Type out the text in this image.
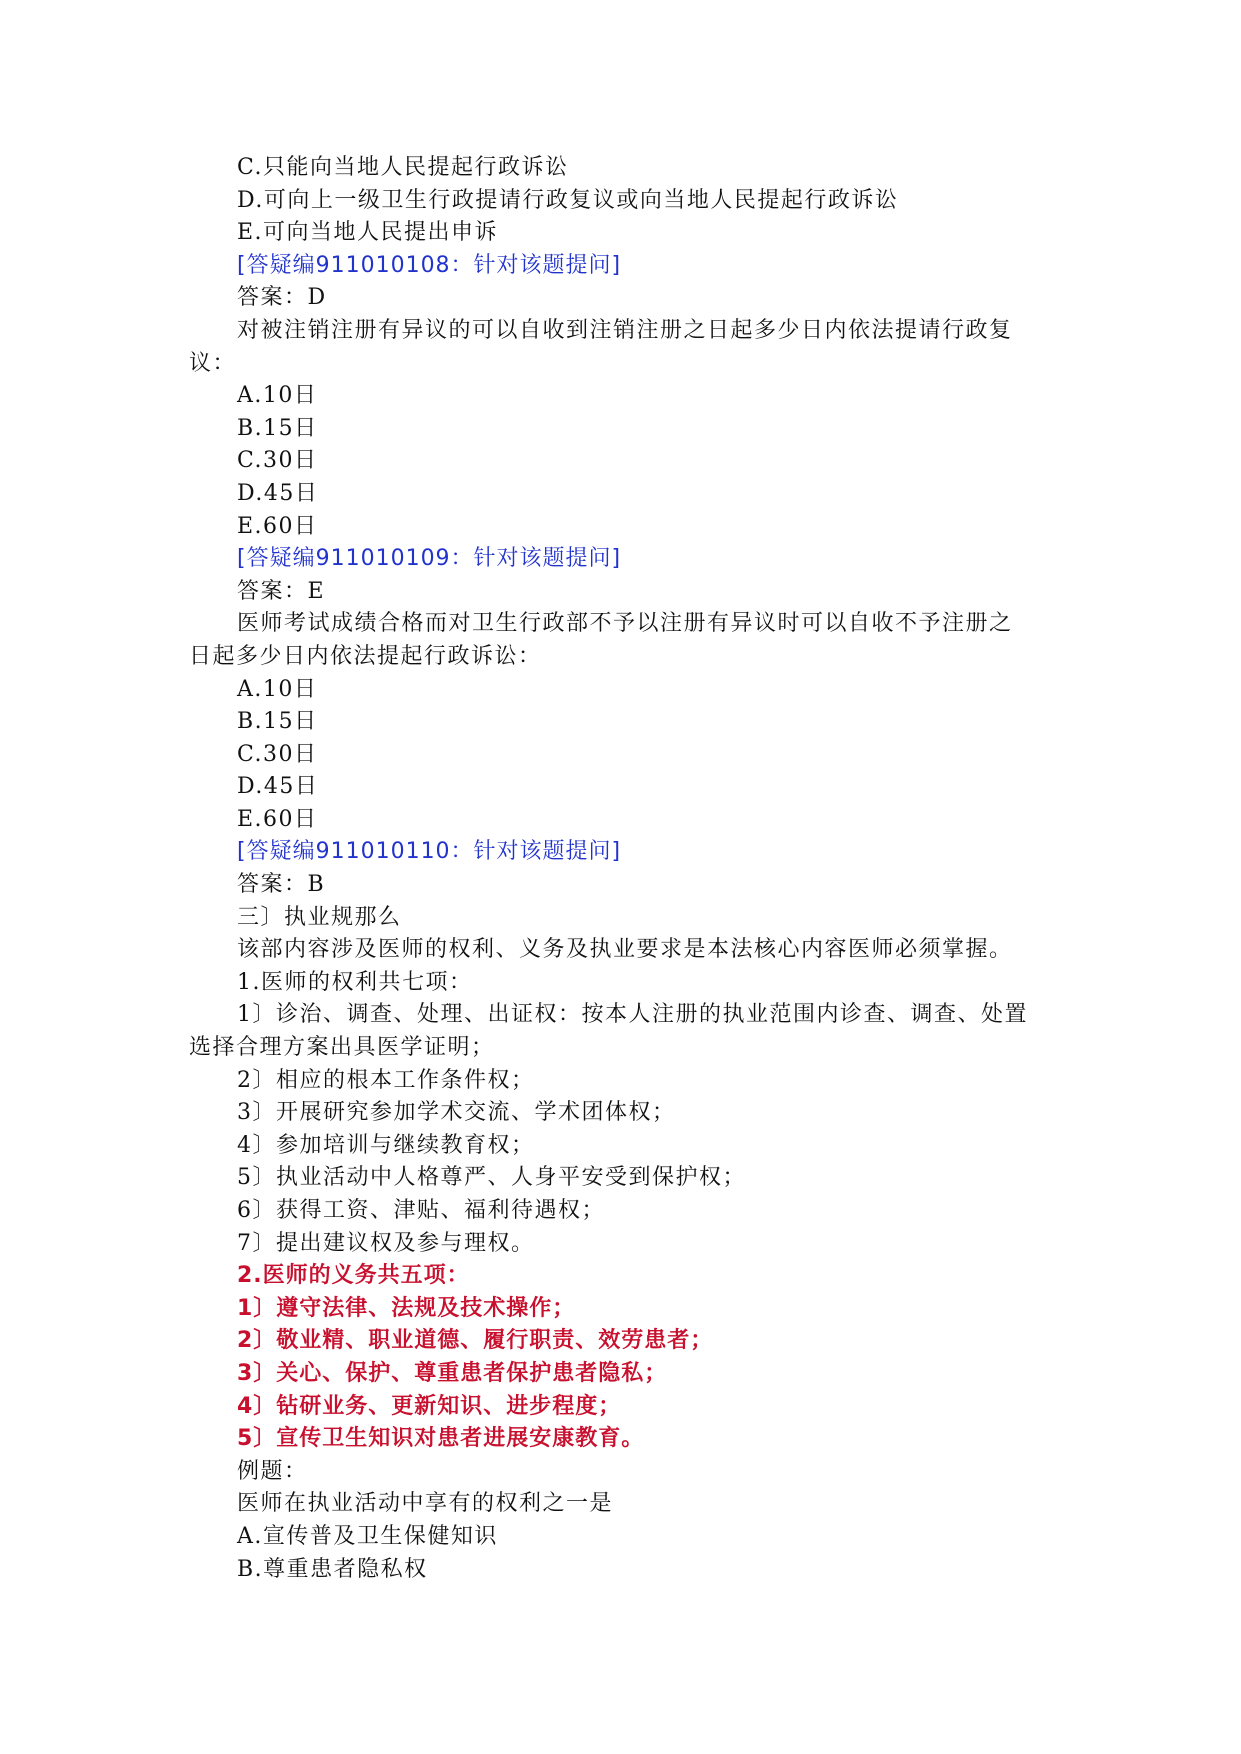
C.只能向当地人民提起行政诉讼
D.可向上一级卫生行政提请行政复议或向当地人民提起行政诉讼
E.可向当地人民提出申诉
[答疑编911010108：针对该题提问]
答案：D
对被注销注册有异议的可以自收到注销注册之日起多少日内依法提请行政复
议：
A.10日
B.15日
C.30日
D.45日
E.60日
[答疑编911010109：针对该题提问]
答案：E
医师考试成绩合格而对卫生行政部不予以注册有异议时可以自收不予注册之
日起多少日内依法提起行政诉讼：
A.10日
B.15日
C.30日
D.45日
E.60日
[答疑编911010110：针对该题提问]
答案：B
三〕执业规那么
该部内容涉及医师的权利、义务及执业要求是本法核心内容医师必须掌握。
1.医师的权利共七项：
1〕诊治、调查、处理、出证权：按本人注册的执业范围内诊查、调查、处置
选择合理方案出具医学证明；
2〕相应的根本工作条件权；
3〕开展研究参加学术交流、学术团体权；
4〕参加培训与继续教育权；
5〕执业活动中人格尊严、人身平安受到保护权；
6〕获得工资、津贴、福利待遇权；
7〕提出建议权及参与理权。
2.医师的义务共五项：
1〕遵守法律、法规及技术操作；
2〕敬业精、职业道德、履行职责、效劳患者；
3〕关心、保护、尊重患者保护患者隐私；
4〕钻研业务、更新知识、进步程度；
5〕宣传卫生知识对患者进展安康教育。
例题：
医师在执业活动中享有的权利之一是
A.宣传普及卫生保健知识
B.尊重患者隐私权
